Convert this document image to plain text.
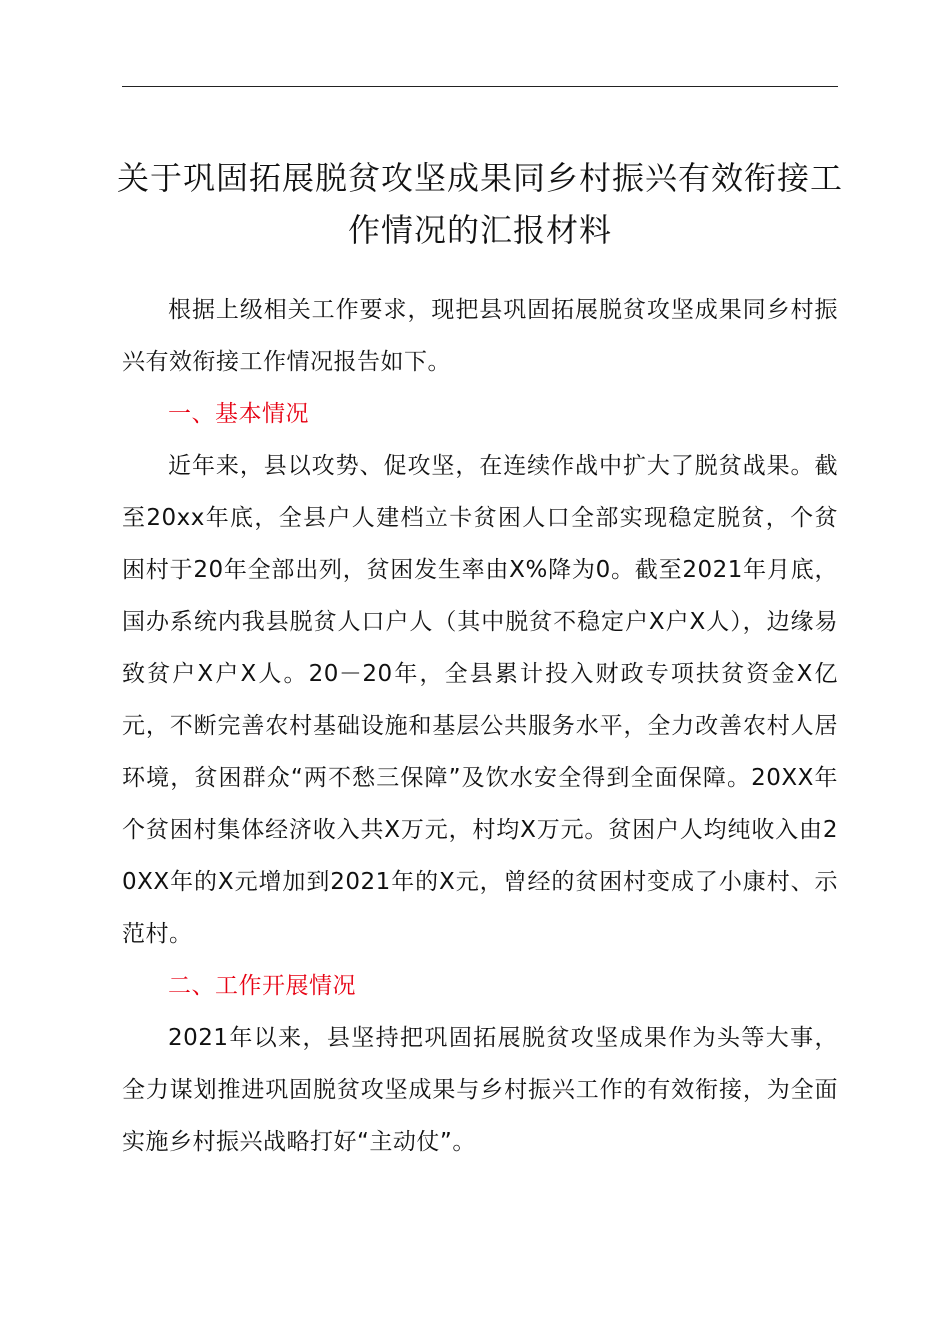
关于巩固拓展脱贫攻坚成果同乡村振兴有效衔接工作情况的汇报材料

根据上级相关工作要求，现把县巩固拓展脱贫攻坚成果同乡村振兴有效衔接工作情况报告如下。

一、基本情况

近年来，县以攻势、促攻坚，在连续作战中扩大了脱贫战果。截至20xx年底，全县户人建档立卡贫困人口全部实现稳定脱贫，个贫困村于20年全部出列，贫困发生率由X%降为0。截至2021年月底，国办系统内我县脱贫人口户人（其中脱贫不稳定户X户X人），边缘易致贫户X户X人。20－20年，全县累计投入财政专项扶贫资金X亿元，不断完善农村基础设施和基层公共服务水平，全力改善农村人居环境，贫困群众“两不愁三保障”及饮水安全得到全面保障。20XX年个贫困村集体经济收入共X万元，村均X万元。贫困户人均纯收入由20XX年的X元增加到2021年的X元，曾经的贫困村变成了小康村、示范村。

二、工作开展情况

2021年以来，县坚持把巩固拓展脱贫攻坚成果作为头等大事，全力谋划推进巩固脱贫攻坚成果与乡村振兴工作的有效衔接，为全面实施乡村振兴战略打好“主动仗”。
